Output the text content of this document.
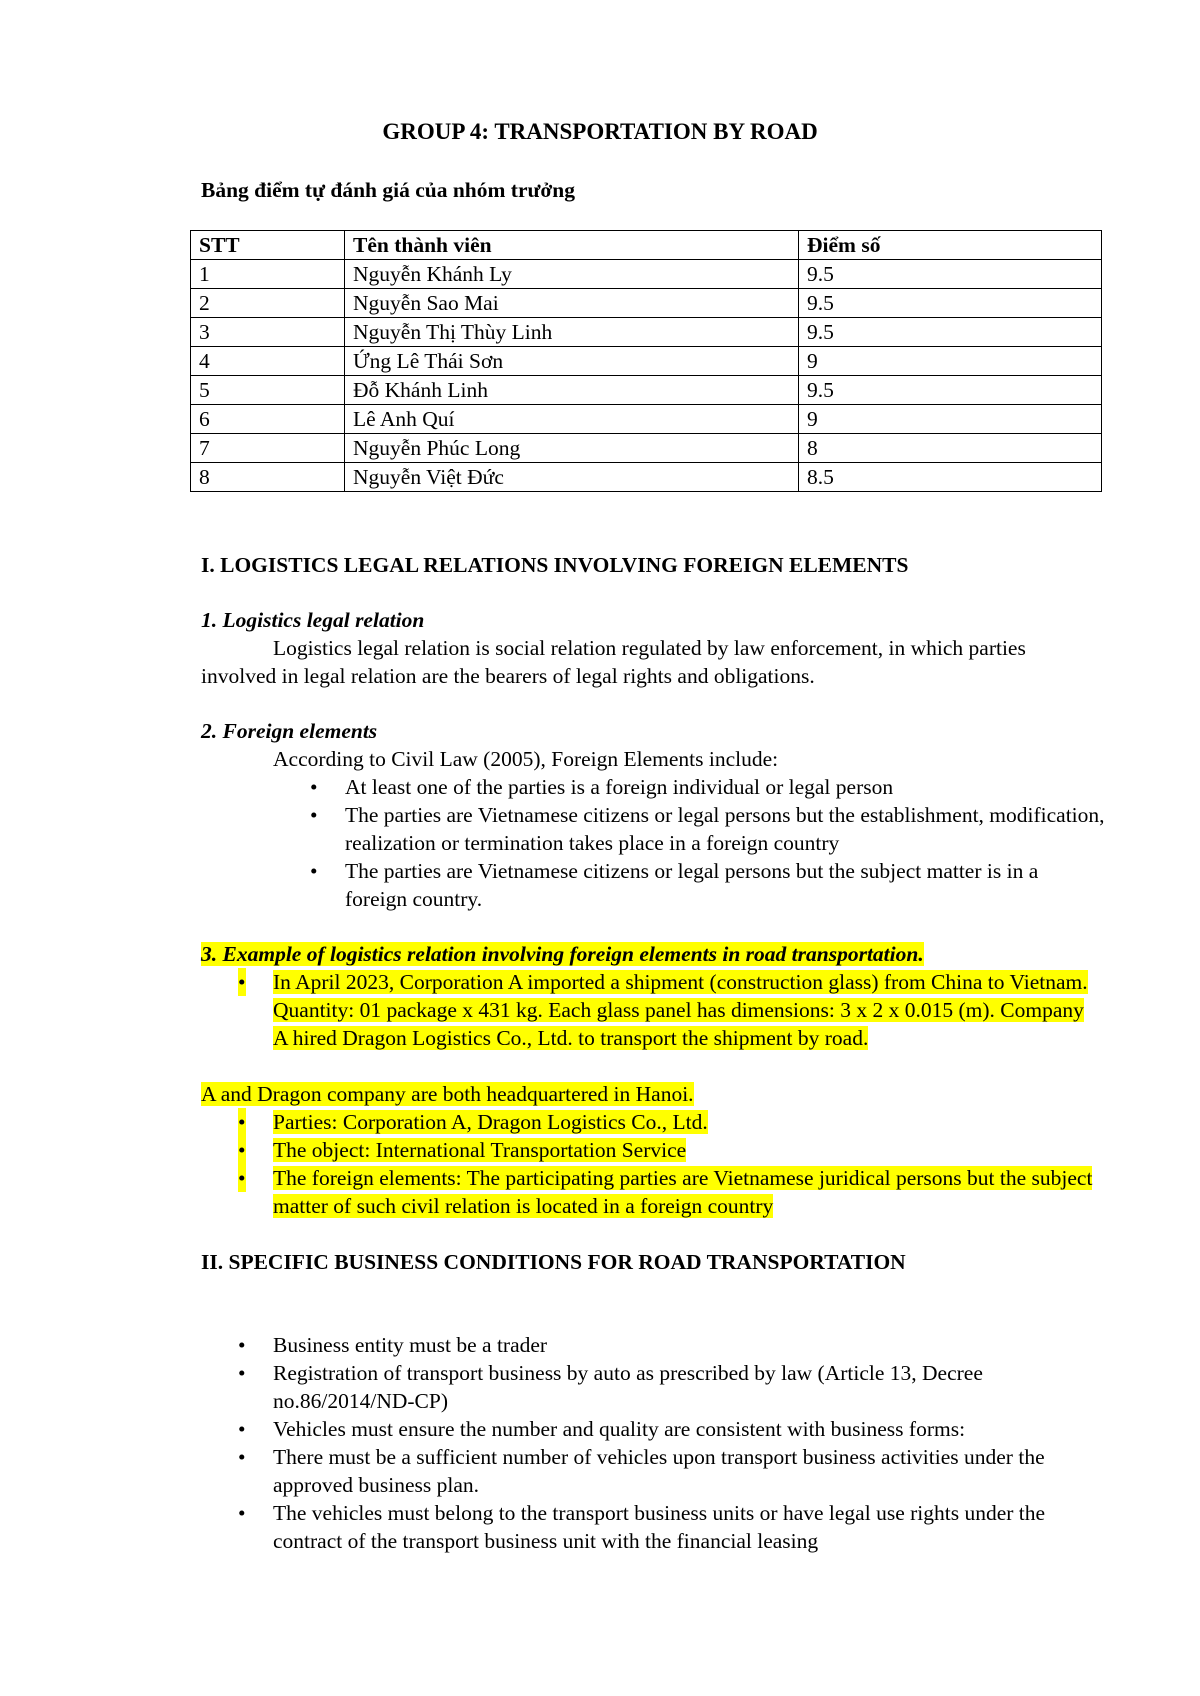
GROUP 4: TRANSPORTATION BY ROAD
Bảng điểm tự đánh giá của nhóm trưởng
STT	Tên thành viên	Điểm số
1	Nguyễn Khánh Ly	9.5
2	Nguyễn Sao Mai	9.5
3	Nguyễn Thị Thùy Linh	9.5
4	Ứng Lê Thái Sơn	9
5	Đỗ Khánh Linh	9.5
6	Lê Anh Quí	9
7	Nguyễn Phúc Long	8
8	Nguyễn Việt Đức	8.5
I. LOGISTICS LEGAL RELATIONS INVOLVING FOREIGN ELEMENTS
1. Logistics legal relation
Logistics legal relation is social relation regulated by law enforcement, in which parties involved in legal relation are the bearers of legal rights and obligations.
2. Foreign elements
According to Civil Law (2005), Foreign Elements include:
• At least one of the parties is a foreign individual or legal person
• The parties are Vietnamese citizens or legal persons but the establishment, modification, realization or termination takes place in a foreign country
• The parties are Vietnamese citizens or legal persons but the subject matter is in a foreign country.
3. Example of logistics relation involving foreign elements in road transportation.
• In April 2023, Corporation A imported a shipment (construction glass) from China to Vietnam. Quantity: 01 package x 431 kg. Each glass panel has dimensions: 3 x 2 x 0.015 (m). Company A hired Dragon Logistics Co., Ltd. to transport the shipment by road.
A and Dragon company are both headquartered in Hanoi.
• Parties: Corporation A, Dragon Logistics Co., Ltd.
• The object: International Transportation Service
• The foreign elements: The participating parties are Vietnamese juridical persons but the subject matter of such civil relation is located in a foreign country
II. SPECIFIC BUSINESS CONDITIONS FOR ROAD TRANSPORTATION
• Business entity must be a trader
• Registration of transport business by auto as prescribed by law (Article 13, Decree no.86/2014/ND-CP)
• Vehicles must ensure the number and quality are consistent with business forms:
• There must be a sufficient number of vehicles upon transport business activities under the approved business plan.
• The vehicles must belong to the transport business units or have legal use rights under the contract of the transport business unit with the financial leasing
